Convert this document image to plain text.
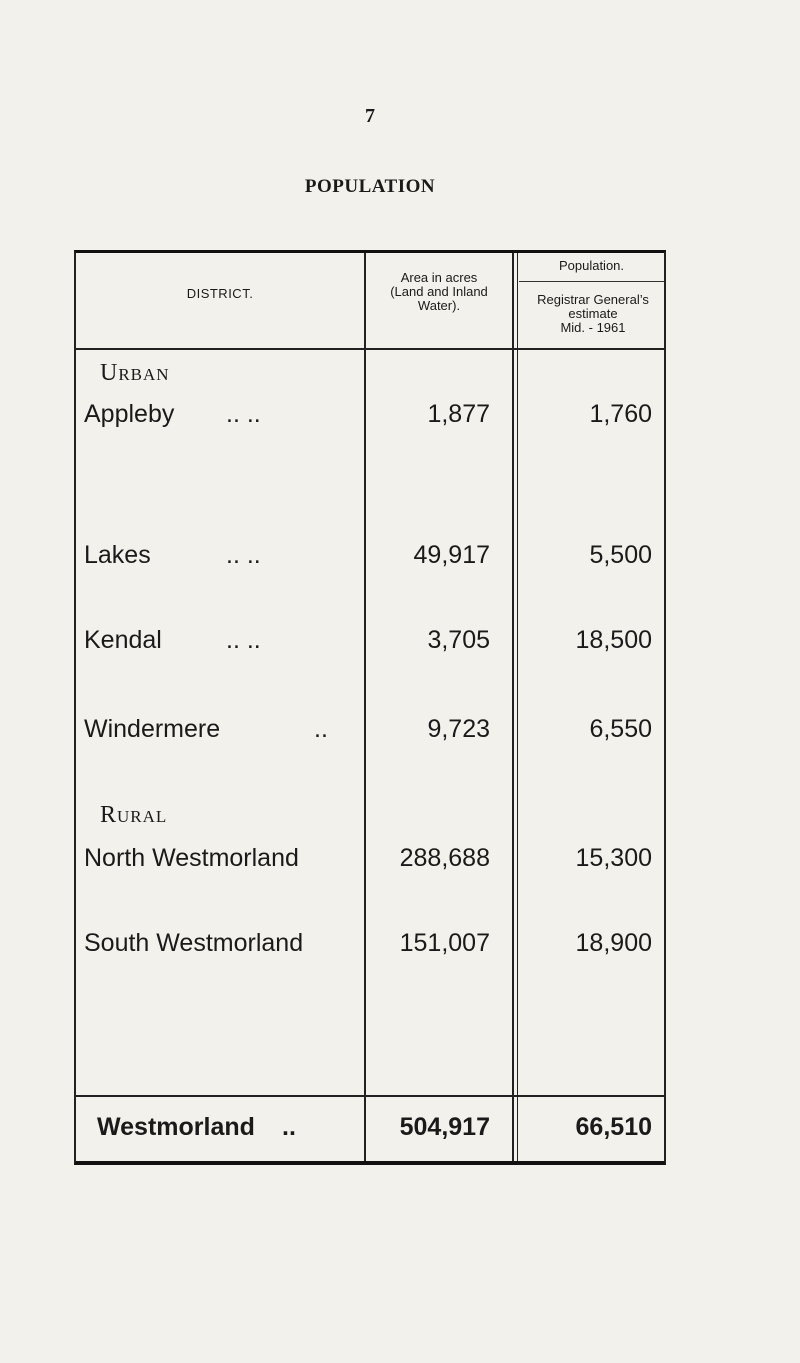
7
POPULATION
DISTRICT.
Area in acres
(Land and Inland
Water).
Population.
Registrar General’s
estimate
Mid. - 1961
Urban
Appleby .. ..	1,877	1,760
Lakes	.. ..	49,917	5,500
Kendal	.. ..	3,705	18,500
Windermere	..	9,723	6,550
Rural
North Westmorland	288,688	15,300
South Westmorland	151,007	18,900
Westmorland ..	504,917	66,510
